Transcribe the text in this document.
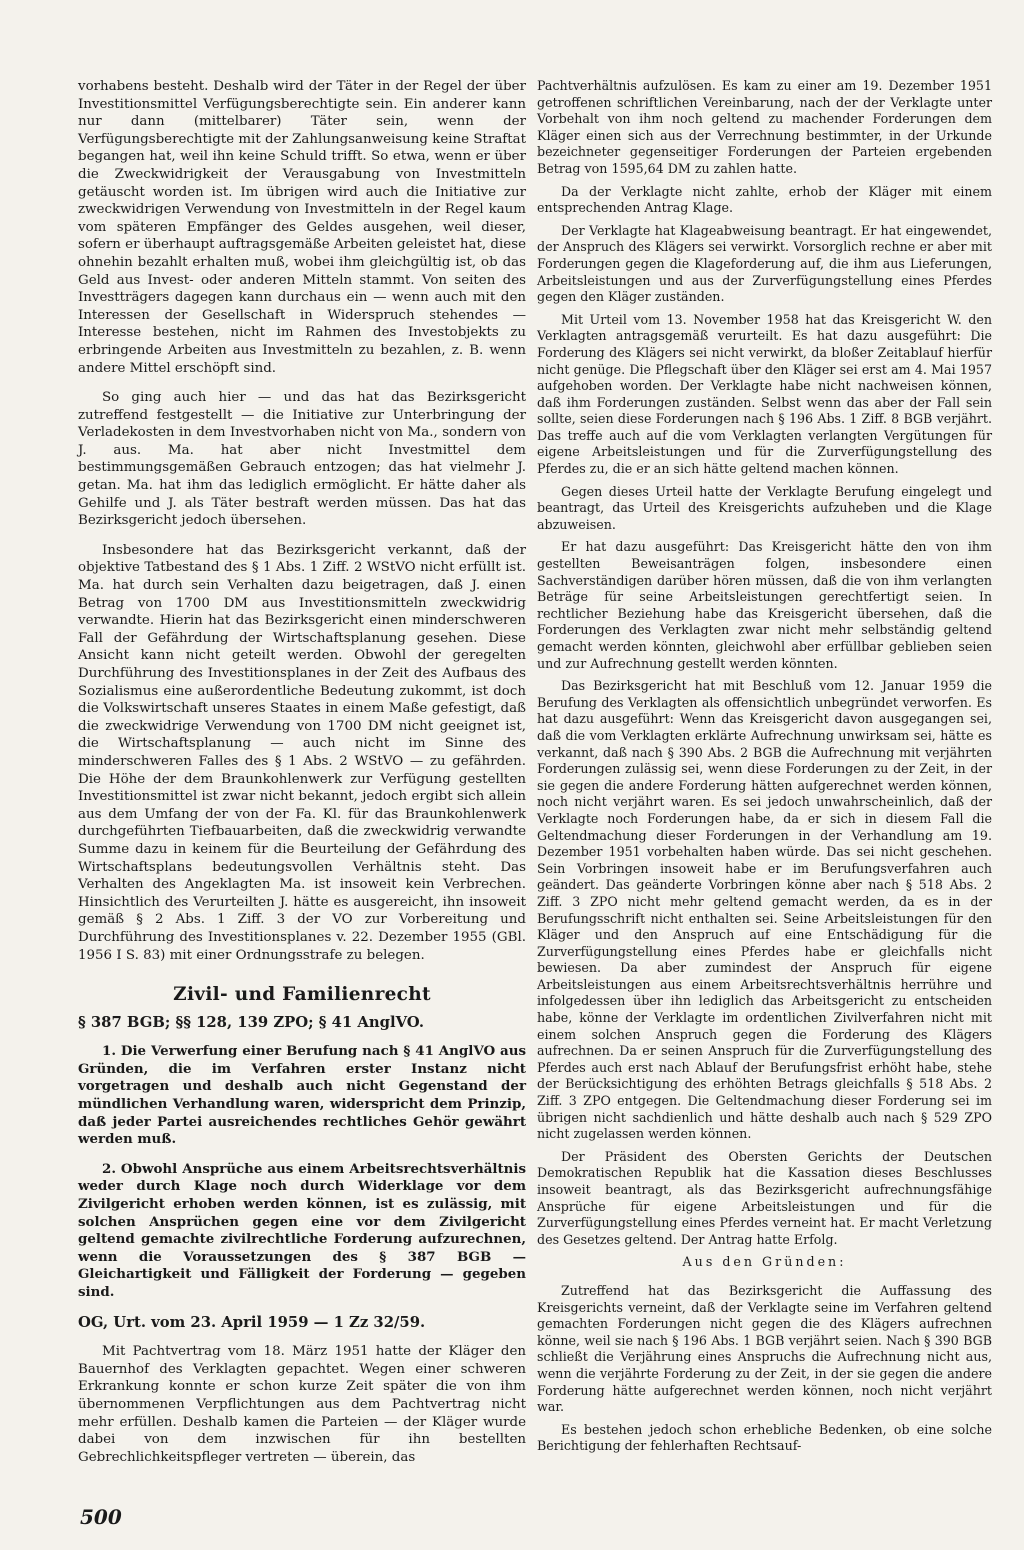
vorhabens besteht. Deshalb wird der Täter in der Regel der über Investitionsmittel Verfügungsberechtigte sein. Ein anderer kann nur dann (mittelbarer) Täter sein, wenn der Verfügungsberechtigte mit der Zahlungsanweisung keine Straftat begangen hat, weil ihn keine Schuld trifft. So etwa, wenn er über die Zweckwidrigkeit der Verausgabung von Investmitteln getäuscht worden ist. Im übrigen wird auch die Initiative zur zweckwidrigen Verwendung von Investmitteln in der Regel kaum vom späteren Empfänger des Geldes ausgehen, weil dieser, sofern er überhaupt auftragsgemäße Arbeiten geleistet hat, diese ohnehin bezahlt erhalten muß, wobei ihm gleichgültig ist, ob das Geld aus Invest- oder anderen Mitteln stammt. Von seiten des Investträgers dagegen kann durchaus ein — wenn auch mit den Interessen der Gesellschaft in Widerspruch stehendes — Interesse bestehen, nicht im Rahmen des Investobjekts zu erbringende Arbeiten aus Investmitteln zu bezahlen, z. B. wenn andere Mittel erschöpft sind.

So ging auch hier — und das hat das Bezirksgericht zutreffend festgestellt — die Initiative zur Unterbringung der Verladekosten in dem Investvorhaben nicht von Ma., sondern von J. aus. Ma. hat aber nicht Investmittel dem bestimmungsgemäßen Gebrauch entzogen; das hat vielmehr J. getan. Ma. hat ihm das lediglich ermöglicht. Er hätte daher als Gehilfe und J. als Täter bestraft werden müssen. Das hat das Bezirksgericht jedoch übersehen.

Insbesondere hat das Bezirksgericht verkannt, daß der objektive Tatbestand des § 1 Abs. 1 Ziff. 2 WStVO nicht erfüllt ist. Ma. hat durch sein Verhalten dazu beigetragen, daß J. einen Betrag von 1700 DM aus Investitionsmitteln zweckwidrig verwandte. Hierin hat das Bezirksgericht einen minderschweren Fall der Gefährdung der Wirtschaftsplanung gesehen. Diese Ansicht kann nicht geteilt werden. Obwohl der geregelten Durchführung des Investitionsplanes in der Zeit des Aufbaus des Sozialismus eine außerordentliche Bedeutung zukommt, ist doch die Volkswirtschaft unseres Staates in einem Maße gefestigt, daß die zweckwidrige Verwendung von 1700 DM nicht geeignet ist, die Wirtschaftsplanung — auch nicht im Sinne des minderschweren Falles des § 1 Abs. 2 WStVO — zu gefährden. Die Höhe der dem Braunkohlenwerk zur Verfügung gestellten Investitionsmittel ist zwar nicht bekannt, jedoch ergibt sich allein aus dem Umfang der von der Fa. Kl. für das Braunkohlenwerk durchgeführten Tiefbauarbeiten, daß die zweckwidrig verwandte Summe dazu in keinem für die Beurteilung der Gefährdung des Wirtschaftsplans bedeutungsvollen Verhältnis steht. Das Verhalten des Angeklagten Ma. ist insoweit kein Verbrechen. Hinsichtlich des Verurteilten J. hätte es ausgereicht, ihn insoweit gemäß § 2 Abs. 1 Ziff. 3 der VO zur Vorbereitung und Durchführung des Investitionsplanes v. 22. Dezember 1955 (GBl. 1956 I S. 83) mit einer Ordnungsstrafe zu belegen.

Zivil- und Familienrecht

§ 387 BGB; §§ 128, 139 ZPO; § 41 AnglVO.

1. Die Verwerfung einer Berufung nach § 41 AnglVO aus Gründen, die im Verfahren erster Instanz nicht vorgetragen und deshalb auch nicht Gegenstand der mündlichen Verhandlung waren, widerspricht dem Prinzip, daß jeder Partei ausreichendes rechtliches Gehör gewährt werden muß.

2. Obwohl Ansprüche aus einem Arbeitsrechtsverhältnis weder durch Klage noch durch Widerklage vor dem Zivilgericht erhoben werden können, ist es zulässig, mit solchen Ansprüchen gegen eine vor dem Zivilgericht geltend gemachte zivilrechtliche Forderung aufzurechnen, wenn die Voraussetzungen des § 387 BGB — Gleichartigkeit und Fälligkeit der Forderung — gegeben sind.

OG, Urt. vom 23. April 1959 — 1 Zz 32/59.

Mit Pachtvertrag vom 18. März 1951 hatte der Kläger den Bauernhof des Verklagten gepachtet. Wegen einer schweren Erkrankung konnte er schon kurze Zeit später die von ihm übernommenen Verpflichtungen aus dem Pachtvertrag nicht mehr erfüllen. Deshalb kamen die Parteien — der Kläger wurde dabei von dem inzwischen für ihn bestellten Gebrechlichkeitspfleger vertreten — überein, das

Pachtverhältnis aufzulösen. Es kam zu einer am 19. Dezember 1951 getroffenen schriftlichen Vereinbarung, nach der der Verklagte unter Vorbehalt von ihm noch geltend zu machender Forderungen dem Kläger einen sich aus der Verrechnung bestimmter, in der Urkunde bezeichneter gegenseitiger Forderungen der Parteien ergebenden Betrag von 1595,64 DM zu zahlen hatte.

Da der Verklagte nicht zahlte, erhob der Kläger mit einem entsprechenden Antrag Klage.

Der Verklagte hat Klageabweisung beantragt. Er hat eingewendet, der Anspruch des Klägers sei verwirkt. Vorsorglich rechne er aber mit Forderungen gegen die Klageforderung auf, die ihm aus Lieferungen, Arbeitsleistungen und aus der Zurverfügungstellung eines Pferdes gegen den Kläger zuständen.

Mit Urteil vom 13. November 1958 hat das Kreisgericht W. den Verklagten antragsgemäß verurteilt. Es hat dazu ausgeführt: Die Forderung des Klägers sei nicht verwirkt, da bloßer Zeitablauf hierfür nicht genüge. Die Pflegschaft über den Kläger sei erst am 4. Mai 1957 aufgehoben worden. Der Verklagte habe nicht nachweisen können, daß ihm Forderungen zuständen. Selbst wenn das aber der Fall sein sollte, seien diese Forderungen nach § 196 Abs. 1 Ziff. 8 BGB verjährt. Das treffe auch auf die vom Verklagten verlangten Vergütungen für eigene Arbeitsleistungen und für die Zurverfügungstellung des Pferdes zu, die er an sich hätte geltend machen können.

Gegen dieses Urteil hatte der Verklagte Berufung eingelegt und beantragt, das Urteil des Kreisgerichts aufzuheben und die Klage abzuweisen.

Er hat dazu ausgeführt: Das Kreisgericht hätte den von ihm gestellten Beweisanträgen folgen, insbesondere einen Sachverständigen darüber hören müssen, daß die von ihm verlangten Beträge für seine Arbeitsleistungen gerechtfertigt seien. In rechtlicher Beziehung habe das Kreisgericht übersehen, daß die Forderungen des Verklagten zwar nicht mehr selbständig geltend gemacht werden könnten, gleichwohl aber erfüllbar geblieben seien und zur Aufrechnung gestellt werden könnten.

Das Bezirksgericht hat mit Beschluß vom 12. Januar 1959 die Berufung des Verklagten als offensichtlich unbegründet verworfen. Es hat dazu ausgeführt: Wenn das Kreisgericht davon ausgegangen sei, daß die vom Verklagten erklärte Aufrechnung unwirksam sei, hätte es verkannt, daß nach § 390 Abs. 2 BGB die Aufrechnung mit verjährten Forderungen zulässig sei, wenn diese Forderungen zu der Zeit, in der sie gegen die andere Forderung hätten aufgerechnet werden können, noch nicht verjährt waren. Es sei jedoch unwahrscheinlich, daß der Verklagte noch Forderungen habe, da er sich in diesem Fall die Geltendmachung dieser Forderungen in der Verhandlung am 19. Dezember 1951 vorbehalten haben würde. Das sei nicht geschehen. Sein Vorbringen insoweit habe er im Berufungsverfahren auch geändert. Das geänderte Vorbringen könne aber nach § 518 Abs. 2 Ziff. 3 ZPO nicht mehr geltend gemacht werden, da es in der Berufungsschrift nicht enthalten sei. Seine Arbeitsleistungen für den Kläger und den Anspruch auf eine Entschädigung für die Zurverfügungstellung eines Pferdes habe er gleichfalls nicht bewiesen. Da aber zumindest der Anspruch für eigene Arbeitsleistungen aus einem Arbeitsrechtsverhältnis herrühre und infolgedessen über ihn lediglich das Arbeitsgericht zu entscheiden habe, könne der Verklagte im ordentlichen Zivilverfahren nicht mit einem solchen Anspruch gegen die Forderung des Klägers aufrechnen. Da er seinen Anspruch für die Zurverfügungstellung des Pferdes auch erst nach Ablauf der Berufungsfrist erhöht habe, stehe der Berücksichtigung des erhöhten Betrags gleichfalls § 518 Abs. 2 Ziff. 3 ZPO entgegen. Die Geltendmachung dieser Forderung sei im übrigen nicht sachdienlich und hätte deshalb auch nach § 529 ZPO nicht zugelassen werden können.

Der Präsident des Obersten Gerichts der Deutschen Demokratischen Republik hat die Kassation dieses Beschlusses insoweit beantragt, als das Bezirksgericht aufrechnungsfähige Ansprüche für eigene Arbeitsleistungen und für die Zurverfügungstellung eines Pferdes verneint hat. Er macht Verletzung des Gesetzes geltend. Der Antrag hatte Erfolg.

Aus den Gründen:

Zutreffend hat das Bezirksgericht die Auffassung des Kreisgerichts verneint, daß der Verklagte seine im Verfahren geltend gemachten Forderungen nicht gegen die des Klägers aufrechnen könne, weil sie nach § 196 Abs. 1 BGB verjährt seien. Nach § 390 BGB schließt die Verjährung eines Anspruchs die Aufrechnung nicht aus, wenn die verjährte Forderung zu der Zeit, in der sie gegen die andere Forderung hätte aufgerechnet werden können, noch nicht verjährt war.

Es bestehen jedoch schon erhebliche Bedenken, ob eine solche Berichtigung der fehlerhaften Rechtsauf-

500
